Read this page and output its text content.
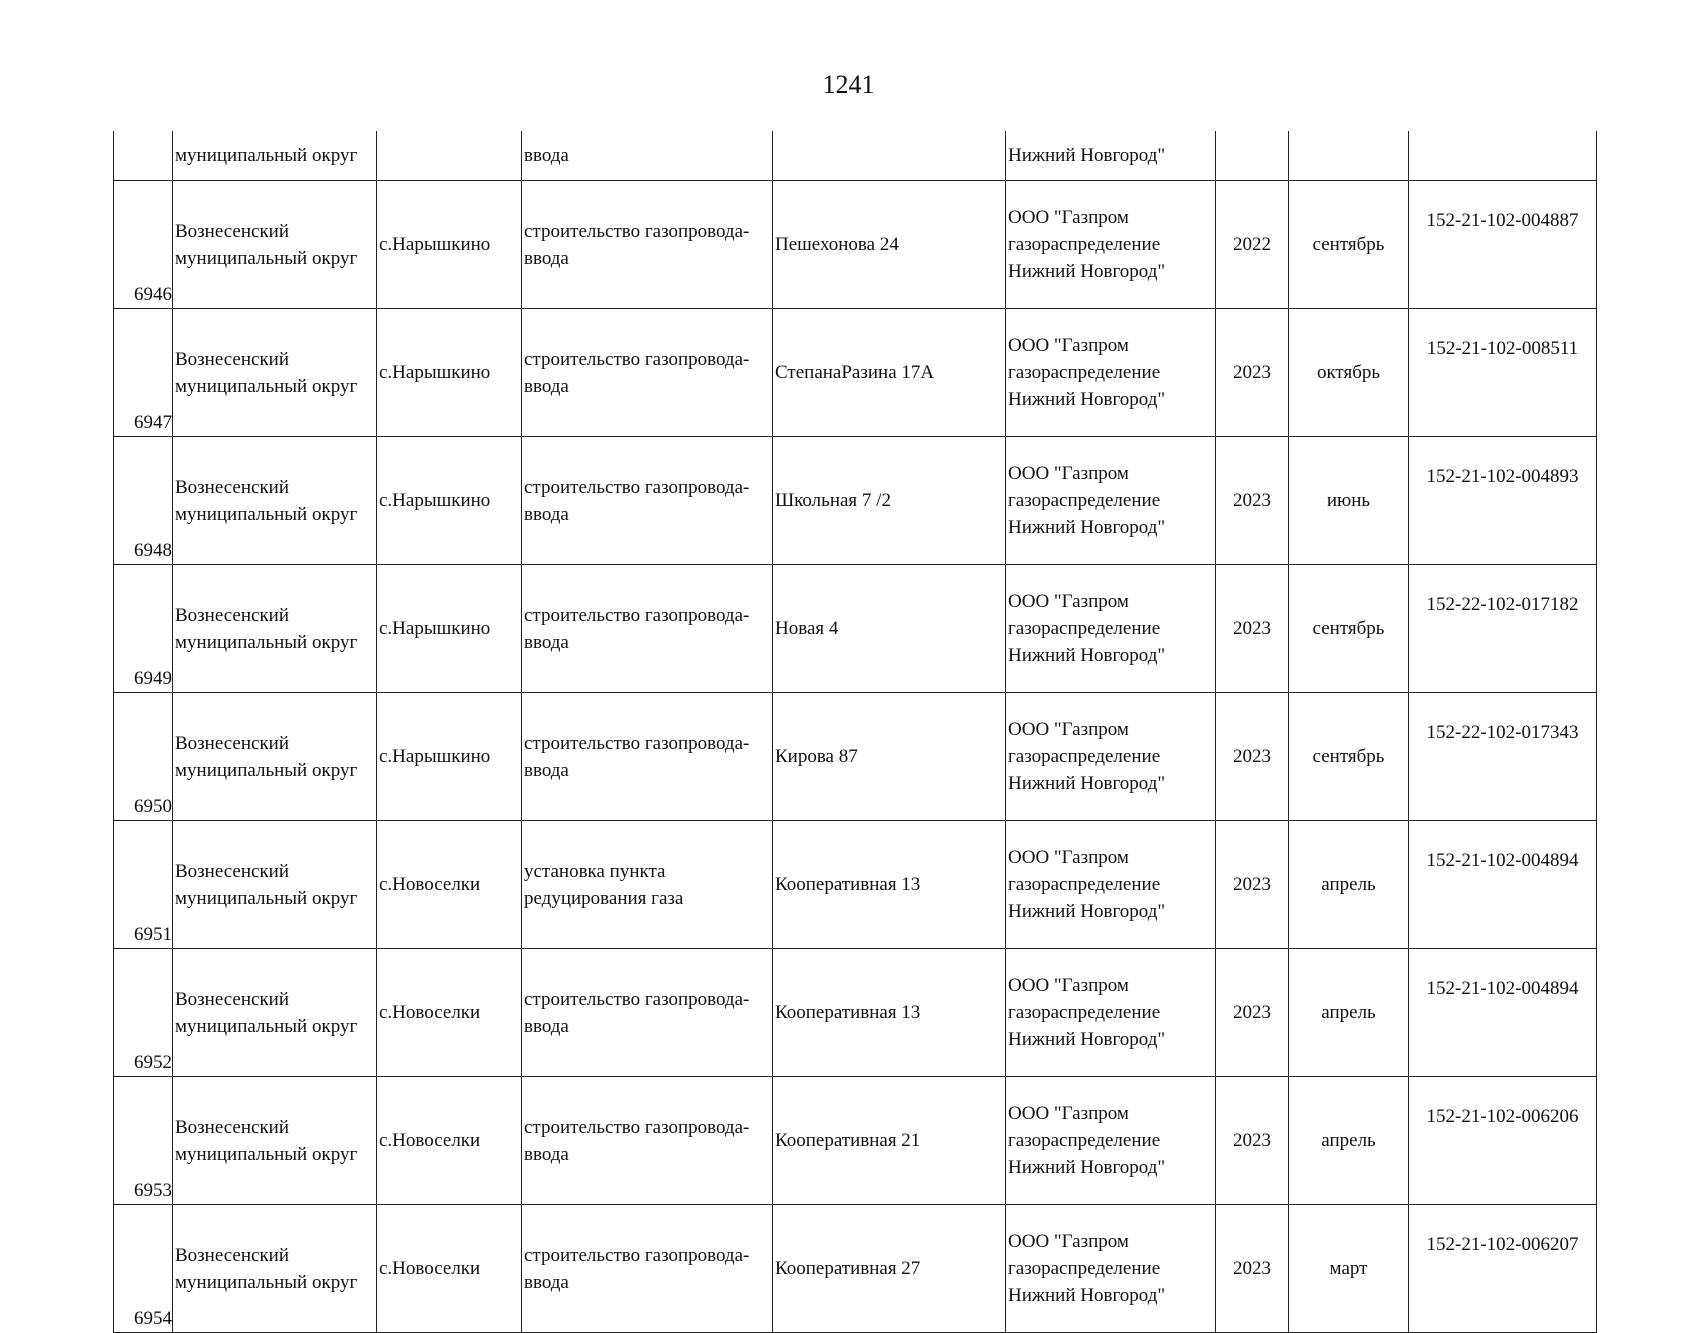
1241
	муниципальный округ		ввода		Нижний Новгород"			
6946	Вознесенский муниципальный округ	с.Нарышкино	строительство газопровода-ввода	Пешехонова 24	ООО "Газпром газораспределение Нижний Новгород"	2022	сентябрь	152-21-102-004887
6947	Вознесенский муниципальный округ	с.Нарышкино	строительство газопровода-ввода	СтепанаРазина 17А	ООО "Газпром газораспределение Нижний Новгород"	2023	октябрь	152-21-102-008511
6948	Вознесенский муниципальный округ	с.Нарышкино	строительство газопровода-ввода	Школьная 7 /2	ООО "Газпром газораспределение Нижний Новгород"	2023	июнь	152-21-102-004893
6949	Вознесенский муниципальный округ	с.Нарышкино	строительство газопровода-ввода	Новая 4	ООО "Газпром газораспределение Нижний Новгород"	2023	сентябрь	152-22-102-017182
6950	Вознесенский муниципальный округ	с.Нарышкино	строительство газопровода-ввода	Кирова 87	ООО "Газпром газораспределение Нижний Новгород"	2023	сентябрь	152-22-102-017343
6951	Вознесенский муниципальный округ	с.Новоселки	установка пункта редуцирования газа	Кооперативная 13	ООО "Газпром газораспределение Нижний Новгород"	2023	апрель	152-21-102-004894
6952	Вознесенский муниципальный округ	с.Новоселки	строительство газопровода-ввода	Кооперативная 13	ООО "Газпром газораспределение Нижний Новгород"	2023	апрель	152-21-102-004894
6953	Вознесенский муниципальный округ	с.Новоселки	строительство газопровода-ввода	Кооперативная 21	ООО "Газпром газораспределение Нижний Новгород"	2023	апрель	152-21-102-006206
6954	Вознесенский муниципальный округ	с.Новоселки	строительство газопровода-ввода	Кооперативная 27	ООО "Газпром газораспределение Нижний Новгород"	2023	март	152-21-102-006207
